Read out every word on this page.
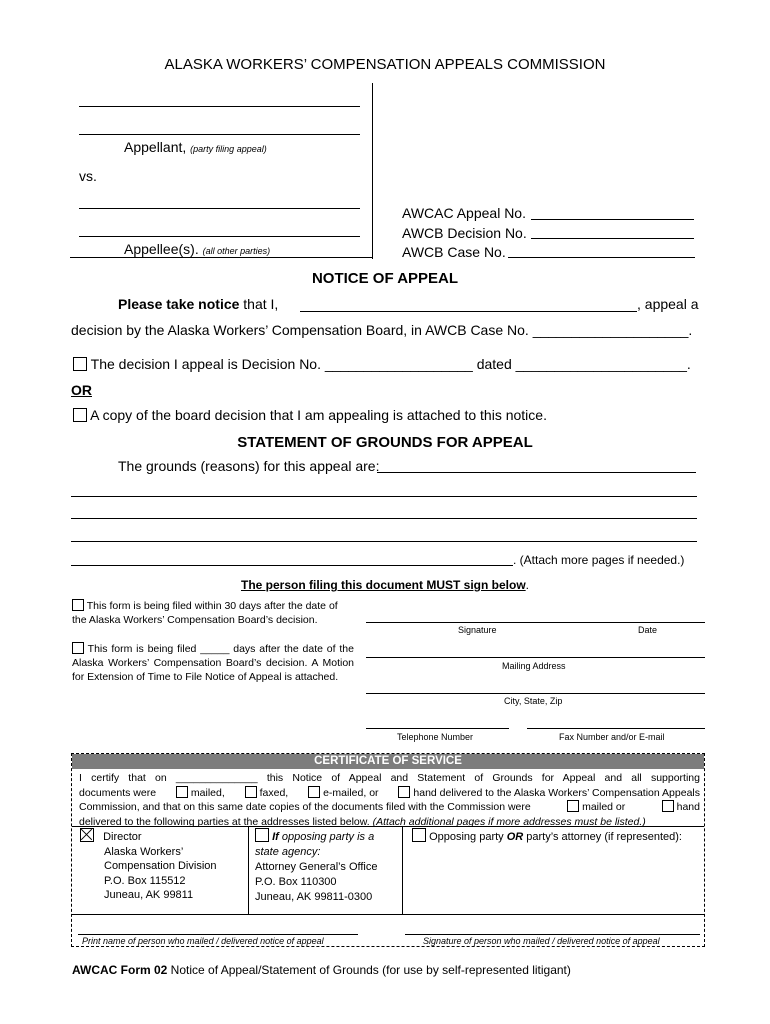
ALASKA WORKERS’ COMPENSATION APPEALS COMMISSION
Appellant, (party filing appeal)
vs.
Appellee(s). (all other parties)
AWCAC Appeal No.
AWCB Decision No.
AWCB Case No.
NOTICE OF APPEAL
Please take notice that I,	, appeal a
decision by the Alaska Workers’ Compensation Board, in AWCB Case No. ____________________.
The decision I appeal is Decision No. ___________________ dated ______________________.
OR
A copy of the board decision that I am appealing is attached to this notice.
STATEMENT OF GROUNDS FOR APPEAL
The grounds (reasons) for this appeal are:
. (Attach more pages if needed.)
The person filing this document MUST sign below.
This form is being filed within 30 days after the date of the Alaska Workers’ Compensation Board’s decision.
This form is being filed _____ days after the date of the Alaska Workers’ Compensation Board’s decision. A Motion for Extension of Time to File Notice of Appeal is attached.
Signature	Date
Mailing Address
City, State, Zip
Telephone Number	Fax Number and/or E-mail
CERTIFICATE OF SERVICE
I certify that on ______________ this Notice of Appeal and Statement of Grounds for Appeal and all supporting
documents were	mailed,	faxed,	e-mailed, or	hand delivered to the Alaska Workers’ Compensation Appeals
Commission, and that on this same date copies of the documents filed with the Commission were	mailed or	hand
delivered to the following parties at the addresses listed below. (Attach additional pages if more addresses must be listed.)
Director
Alaska Workers’
Compensation Division
P.O. Box 115512
Juneau, AK 99811
If opposing party is a
state agency:
Attorney General’s Office
P.O. Box 110300
Juneau, AK 99811-0300
Opposing party OR party’s attorney (if represented):
Print name of person who mailed / delivered notice of appeal	Signature of person who mailed / delivered notice of appeal
AWCAC Form 02 Notice of Appeal/Statement of Grounds (for use by self-represented litigant)
